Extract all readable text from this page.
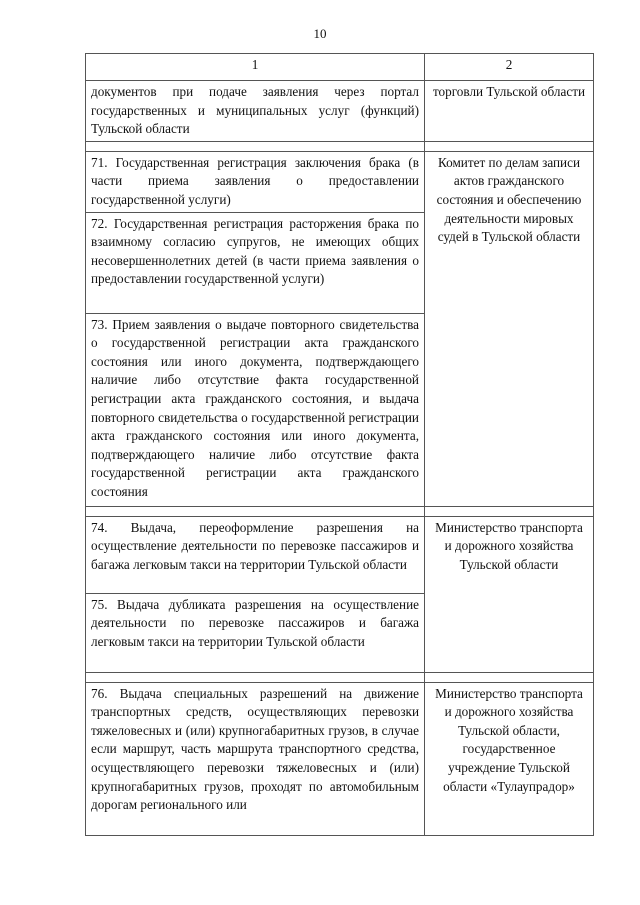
10
1	2
документов при подаче заявления через портал государственных и муниципальных услуг (функций) Тульской области	торговли Тульской области

71. Государственная регистрация заключения брака (в части приема заявления о предоставлении государственной услуги)	Комитет по делам записи актов гражданского состояния и обеспечению деятельности мировых судей в Тульской области
72. Государственная регистрация расторжения брака по взаимному согласию супругов, не имеющих общих несовершеннолетних детей (в части приема заявления о предоставлении государственной услуги)	
73. Прием заявления о выдаче повторного свидетельства о государственной регистрации акта гражданского состояния или иного документа, подтверждающего наличие либо отсутствие факта государственной регистрации акта гражданского состояния, и выдача повторного свидетельства о государственной регистрации акта гражданского состояния или иного документа, подтверждающего наличие либо отсутствие факта государственной регистрации акта гражданского состояния	

74. Выдача, переоформление разрешения на осуществление деятельности по перевозке пассажиров и багажа легковым такси на территории Тульской области	Министерство транспорта и дорожного хозяйства Тульской области
75. Выдача дубликата разрешения на осуществление деятельности по перевозке пассажиров и багажа легковым такси на территории Тульской области	

76. Выдача специальных разрешений на движение транспортных средств, осуществляющих перевозки тяжеловесных и (или) крупногабаритных грузов, в случае если маршрут, часть маршрута транспортного средства, осуществляющего перевозки тяжеловесных и (или) крупногабаритных грузов, проходят по автомобильным дорогам регионального или	Министерство транспорта и дорожного хозяйства Тульской области, государственное учреждение Тульской области «Тулаупрадор»
